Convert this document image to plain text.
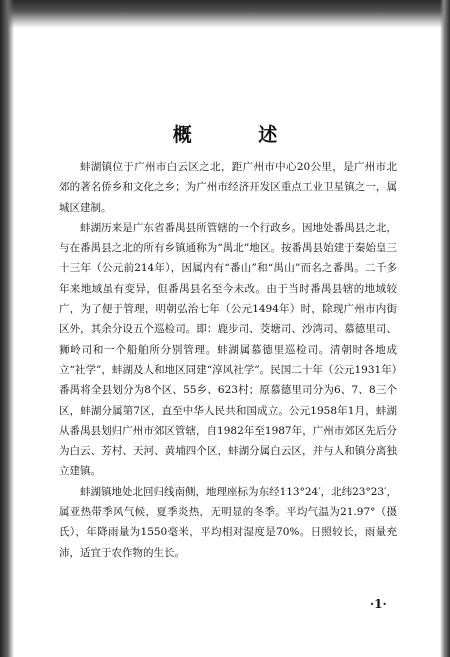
概 述

蚌湖镇位于广州市白云区之北，距广州市中心20公里，是广州市北郊的著名侨乡和文化之乡；为广州市经济开发区重点工业卫星镇之一，属城区建制。

蚌湖历来是广东省番禺县所管辖的一个行政乡。因地处番禺县之北，与在番禺县之北的所有乡镇通称为“禺北”地区。按番禺县始建于秦始皇三十三年（公元前214年），因属内有“番山”和“禺山”而名之番禺。二千多年来地域虽有变异，但番禺县名至今未改。由于当时番禺县辖的地域较广，为了便于管理，明朝弘治七年（公元1494年）时，除现广州市内街区外，其余分设五个巡检司。即：鹿步司、茭塘司、沙湾司、慕德里司、狮岭司和一个船舶所分别管理。蚌湖属慕德里巡检司。清朝时各地成立“社学”，蚌湖及人和地区同建“淳风社学”。民国二十年（公元1931年）番禺将全县划分为8个区、55乡、623村；原慕德里司分为6、7、8三个区，蚌湖分属第7区，直至中华人民共和国成立。公元1958年1月，蚌湖从番禺县划归广州市郊区管辖，自1982年至1987年，广州市郊区先后分为白云、芳村、天河、黄埔四个区，蚌湖分属白云区，并与人和镇分离独立建镇。

蚌湖镇地处北回归线南侧，地理座标为东经113°24′，北纬23°23′，属亚热带季风气候，夏季炎热，无明显的冬季。平均气温为21.97°（摄氏），年降雨量为1550毫米，平均相对湿度是70%。日照较长，雨量充沛，适宜于农作物的生长。

·1·
